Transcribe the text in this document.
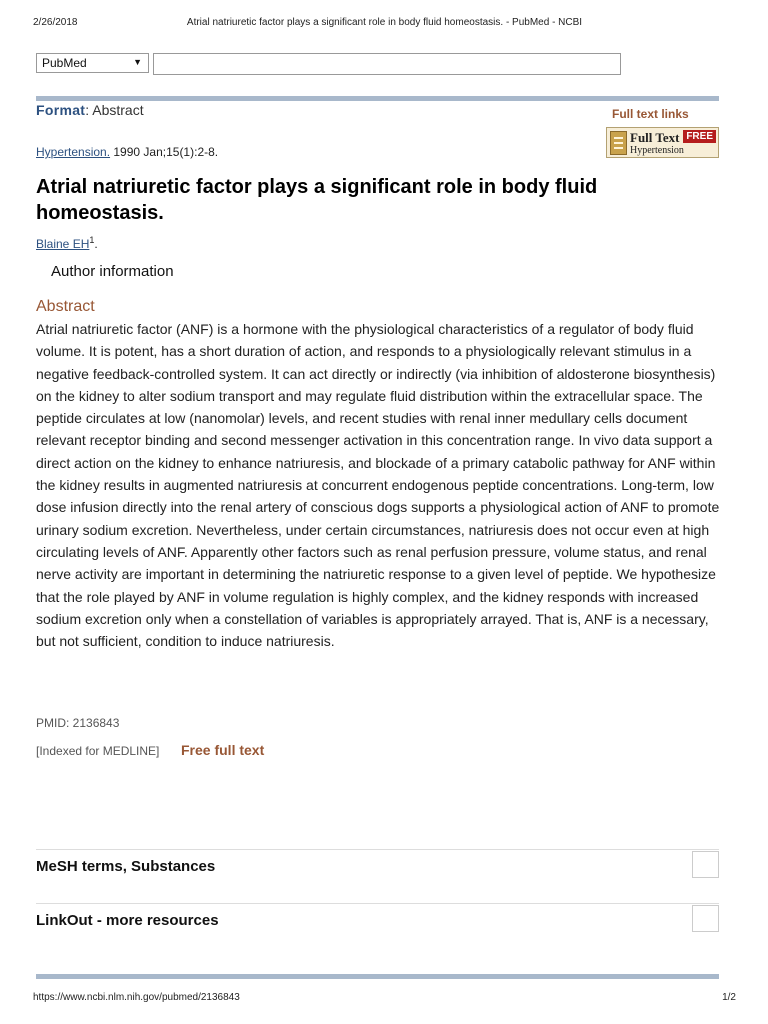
2/26/2018	Atrial natriuretic factor plays a significant role in body fluid homeostasis. - PubMed - NCBI
PubMed	▼
Format: Abstract	Full text links
Full Text FREE
Hypertension
Hypertension. 1990 Jan;15(1):2-8.
Atrial natriuretic factor plays a significant role in body fluid homeostasis.
Blaine $EH^1$.
Author information
Abstract

Atrial natriuretic factor (ANF) is a hormone with the physiological characteristics of a regulator of body fluid volume. It is potent, has a short duration of action, and responds to a physiologically relevant stimulus in a negative feedback-controlled system. It can act directly or indirectly (via inhibition of aldosterone biosynthesis) on the kidney to alter sodium transport and may regulate fluid distribution within the extracellular space. The peptide circulates at low (nanomolar) levels, and recent studies with renal inner medullary cells document relevant receptor binding and second messenger activation in this concentration range. In vivo data support a direct action on the kidney to enhance natriuresis, and blockade of a primary catabolic pathway for ANF within the kidney results in augmented natriuresis at concurrent endogenous peptide concentrations. Long-term, low dose infusion directly into the renal artery of conscious dogs supports a physiological action of ANF to promote urinary sodium excretion. Nevertheless, under certain circumstances, natriuresis does not occur even at high circulating levels of ANF. Apparently other factors such as renal perfusion pressure, volume status, and renal nerve activity are important in determining the natriuretic response to a given level of peptide. We hypothesize that the role played by ANF in volume regulation is highly complex, and the kidney responds with increased sodium excretion only when a constellation of variables is appropriately arrayed. That is, ANF is a necessary, but not sufficient, condition to induce natriuresis.

PMID: 2136843
[Indexed for MEDLINE] Free full text
MeSH terms, Substances
LinkOut - more resources
https://www.ncbi.nlm.nih.gov/pubmed/2136843	1/2
